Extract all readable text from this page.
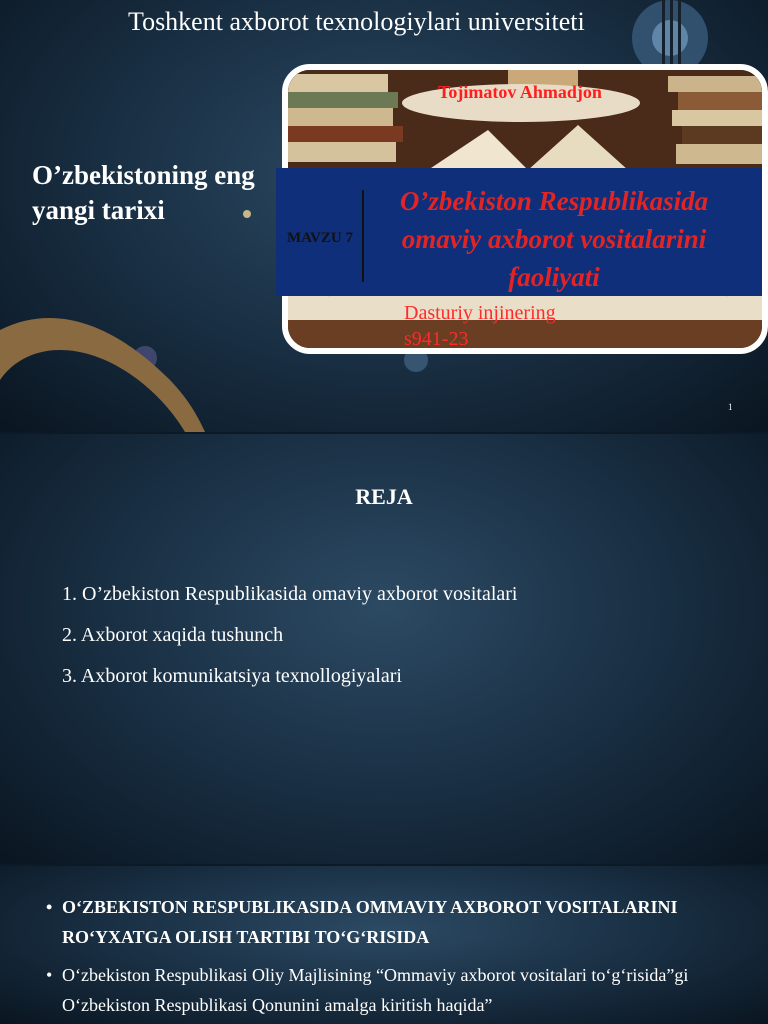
Toshkent axborot texnologiylari universiteti
O’zbekistoning eng yangi tarixi
Tojimatov Ahmadjon
MAVZU 7
O’zbekiston Respublikasida omaviy axborot vositalarini faoliyati
Dasturiy injinering
s941-23
1
REJA
1. O’zbekiston Respublikasida omaviy axborot vositalari
2. Axborot xaqida tushunch
3. Axborot komunikatsiya texnollogiyalari
• O‘ZBEKISTON RESPUBLIKASIDA OMMAVIY AXBOROT VOSITALARINI RO‘YXATGA OLISH TARTIBI TO‘G‘RISIDA
• O‘zbekiston Respublikasi Oliy Majlisining “Ommaviy axborot vositalari to‘g‘risida”gi O‘zbekiston Respublikasi Qonunini amalga kiritish haqida”
